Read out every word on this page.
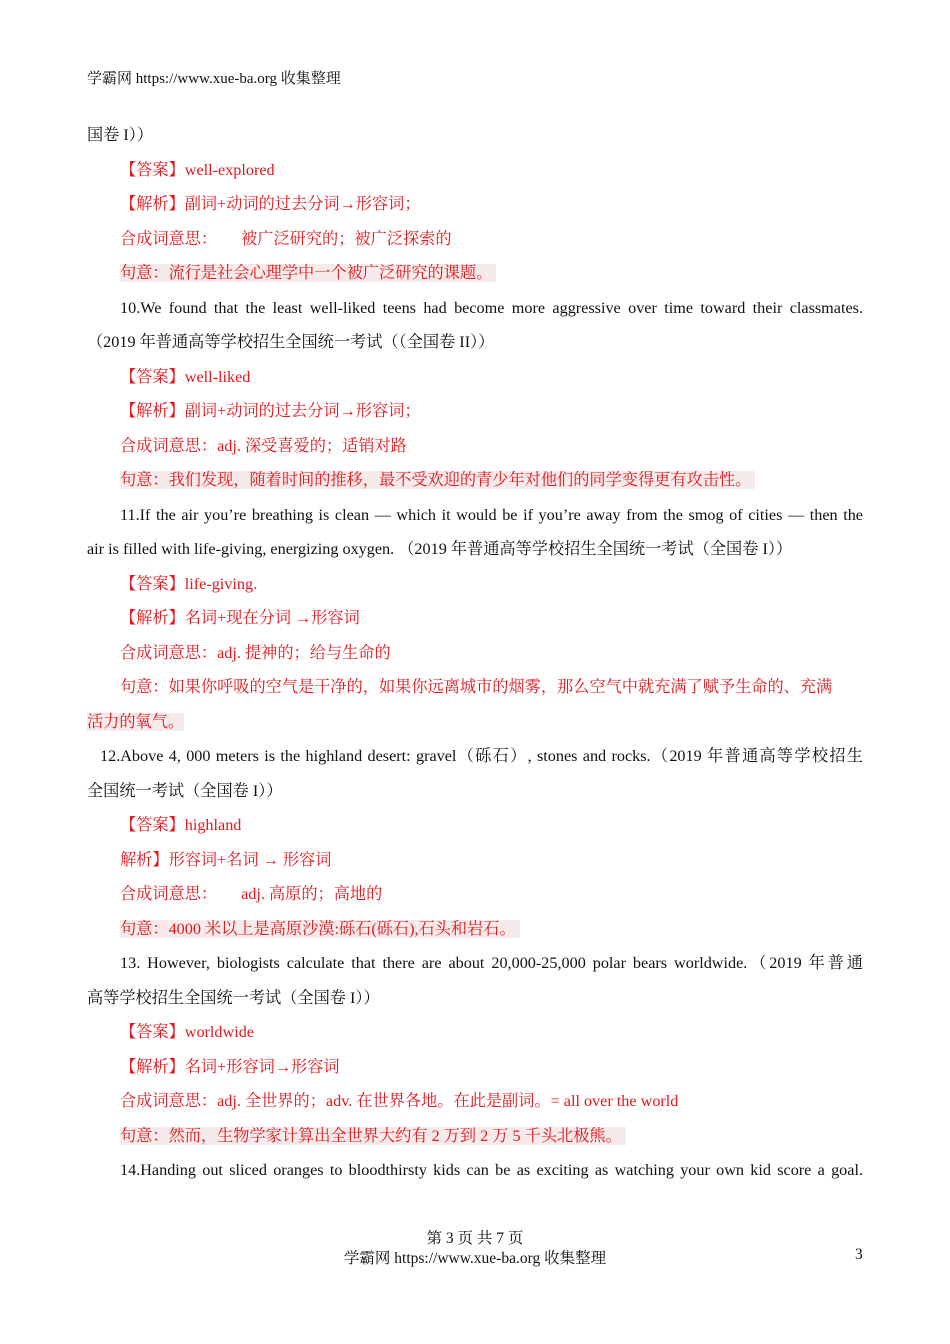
学霸网 https://www.xue-ba.org 收集整理
国卷 I））
【答案】well-explored
【解析】副词+动词的过去分词→形容词；
合成词意思： 被广泛研究的；被广泛探索的
句意：流行是社会心理学中一个被广泛研究的课题。
10.We found that the least well-liked teens had become more aggressive over time toward their classmates.
（2019 年普通高等学校招生全国统一考试（（全国卷 II））
【答案】well-liked
【解析】副词+动词的过去分词→形容词；
合成词意思：adj. 深受喜爱的；适销对路
句意：我们发现，随着时间的推移，最不受欢迎的青少年对他们的同学变得更有攻击性。
11.If the air you’re breathing is clean — which it would be if you’re away from the smog of cities — then the
air is filled with life-giving, energizing oxygen. （2019 年普通高等学校招生全国统一考试（全国卷 I））
【答案】life-giving.
【解析】名词+现在分词 →形容词
合成词意思：adj. 提神的；给与生命的
句意：如果你呼吸的空气是干净的，如果你远离城市的烟雾，那么空气中就充满了赋予生命的、充满
活力的氧气。
12.Above 4, 000 meters is the highland desert: gravel（砾石）, stones and rocks.（2019 年普通高等学校招生
全国统一考试（全国卷 I））
【答案】highland
解析】形容词+名词 → 形容词
合成词意思： adj. 高原的；高地的
句意：4000 米以上是高原沙漠:砾石(砾石),石头和岩石。
13. However, biologists calculate that there are about 20,000-25,000 polar bears worldwide.（2019 年普通
高等学校招生全国统一考试（全国卷 I））
【答案】worldwide
【解析】名词+形容词→形容词
合成词意思：adj. 全世界的；adv. 在世界各地。在此是副词。= all over the world
句意：然而，生物学家计算出全世界大约有 2 万到 2 万 5 千头北极熊。
14.Handing out sliced oranges to bloodthirsty kids can be as exciting as watching your own kid score a goal.
第 3 页 共 7 页
学霸网 https://www.xue-ba.org 收集整理	3
